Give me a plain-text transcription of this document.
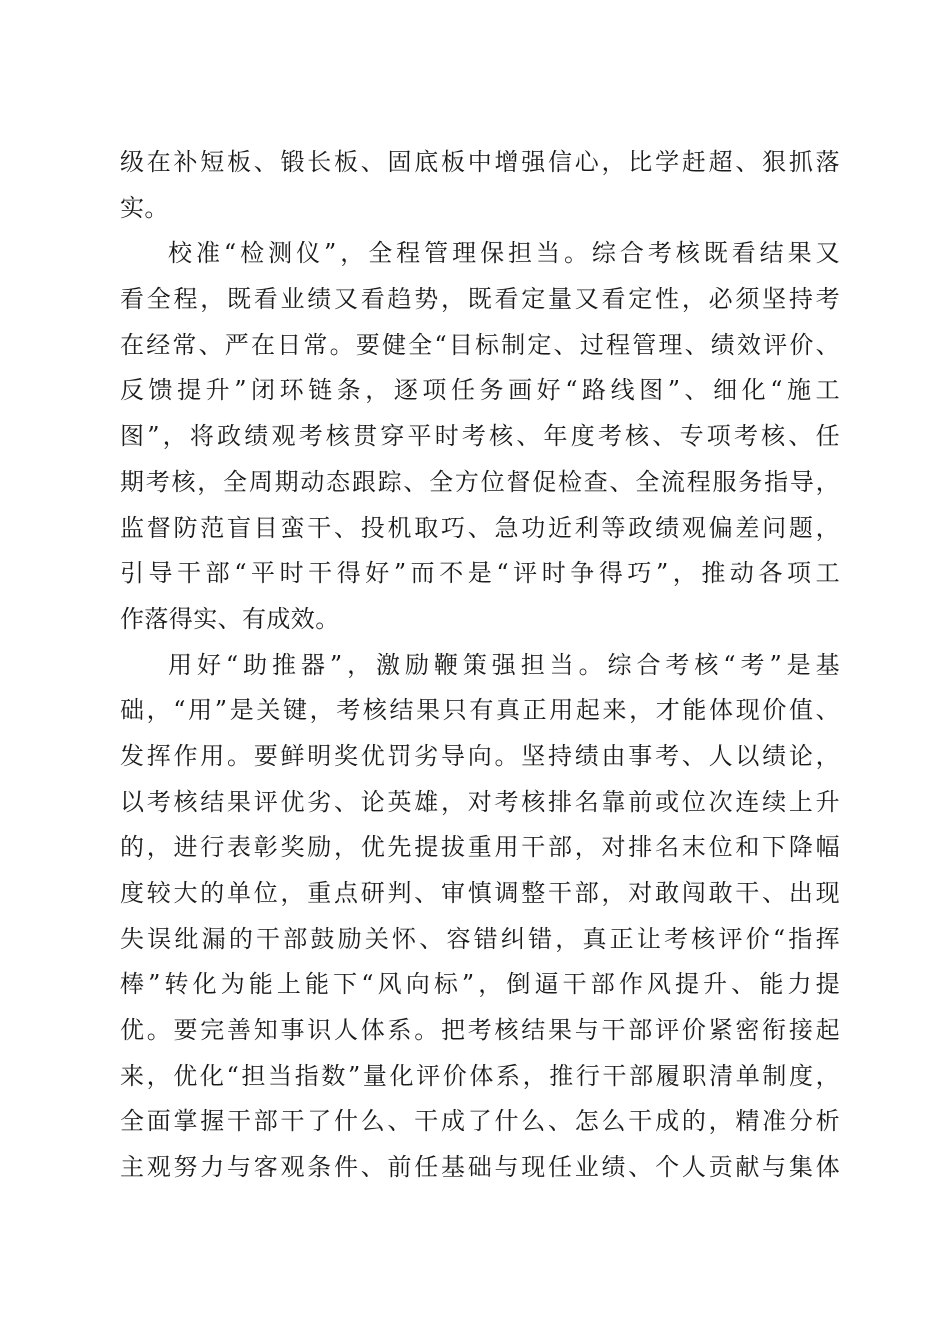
级在补短板、锻长板、固底板中增强信心，比学赶超、狠抓落
实。
校准“检测仪”，全程管理保担当。综合考核既看结果又
看全程，既看业绩又看趋势，既看定量又看定性，必须坚持考
在经常、严在日常。要健全“目标制定、过程管理、绩效评价、
反馈提升”闭环链条，逐项任务画好“路线图”、细化“施工
图”，将政绩观考核贯穿平时考核、年度考核、专项考核、任
期考核，全周期动态跟踪、全方位督促检查、全流程服务指导，
监督防范盲目蛮干、投机取巧、急功近利等政绩观偏差问题，
引导干部“平时干得好”而不是“评时争得巧”，推动各项工
作落得实、有成效。
用好“助推器”，激励鞭策强担当。综合考核“考”是基
础，“用”是关键，考核结果只有真正用起来，才能体现价值、
发挥作用。要鲜明奖优罚劣导向。坚持绩由事考、人以绩论，
以考核结果评优劣、论英雄，对考核排名靠前或位次连续上升
的，进行表彰奖励，优先提拔重用干部，对排名末位和下降幅
度较大的单位，重点研判、审慎调整干部，对敢闯敢干、出现
失误纰漏的干部鼓励关怀、容错纠错，真正让考核评价“指挥
棒”转化为能上能下“风向标”，倒逼干部作风提升、能力提
优。要完善知事识人体系。把考核结果与干部评价紧密衔接起
来，优化“担当指数”量化评价体系，推行干部履职清单制度，
全面掌握干部干了什么、干成了什么、怎么干成的，精准分析
主观努力与客观条件、前任基础与现任业绩、个人贡献与集体
